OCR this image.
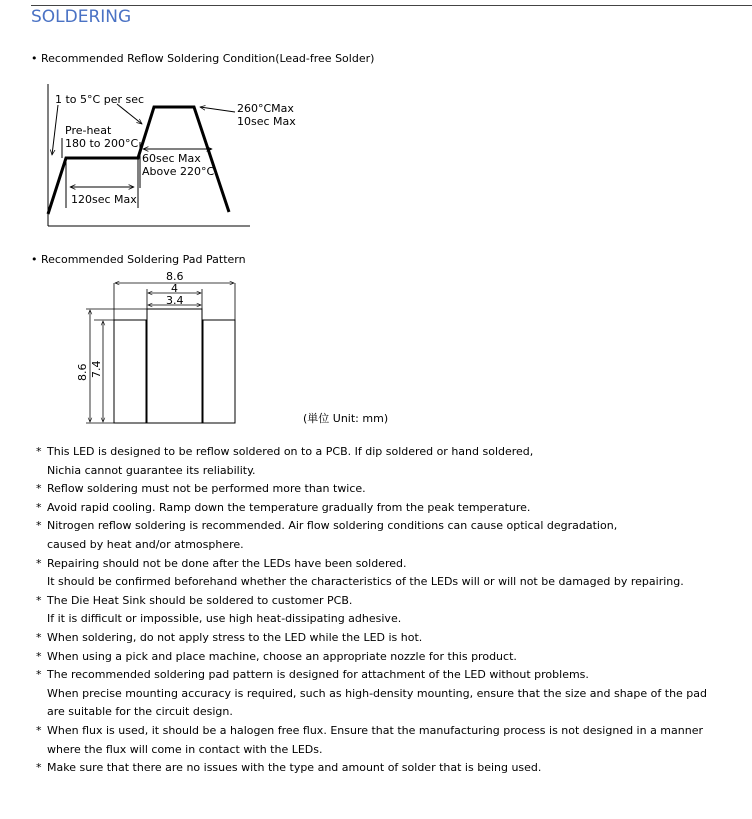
SOLDERING
• Recommended Reflow Soldering Condition(Lead-free Solder)
1 to 5°C per sec
Pre-heat
180 to 200°C
260°CMax
10sec Max
60sec Max
Above 220°C
120sec Max
8.6
4
3.4
8.6 7.4
• Recommended Soldering Pad Pattern
(単位 Unit: mm)
* This LED is designed to be reflow soldered on to a PCB. If dip soldered or hand soldered,
Nichia cannot guarantee its reliability.
* Reflow soldering must not be performed more than twice.
* Avoid rapid cooling. Ramp down the temperature gradually from the peak temperature.
* Nitrogen reflow soldering is recommended. Air flow soldering conditions can cause optical degradation,
caused by heat and/or atmosphere.
* Repairing should not be done after the LEDs have been soldered.
It should be confirmed beforehand whether the characteristics of the LEDs will or will not be damaged by repairing.
* The Die Heat Sink should be soldered to customer PCB.
If it is difficult or impossible, use high heat-dissipating adhesive.
* When soldering, do not apply stress to the LED while the LED is hot.
* When using a pick and place machine, choose an appropriate nozzle for this product.
* The recommended soldering pad pattern is designed for attachment of the LED without problems.
When precise mounting accuracy is required, such as high-density mounting, ensure that the size and shape of the pad
are suitable for the circuit design.
* When flux is used, it should be a halogen free flux. Ensure that the manufacturing process is not designed in a manner
where the flux will come in contact with the LEDs.
* Make sure that there are no issues with the type and amount of solder that is being used.
